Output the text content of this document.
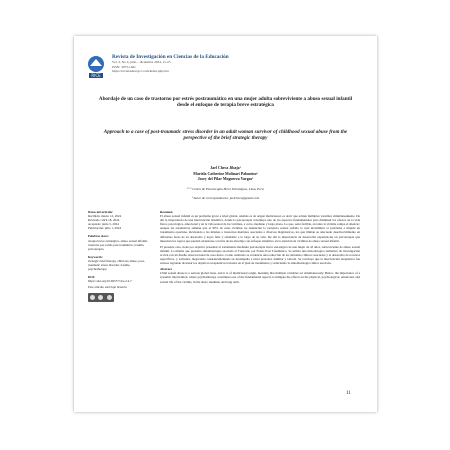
RICE
Revista de Investigación en Ciencias de la Educación
Vol. 2, No 4, julio – diciembre 2024, 11-25
ISSN: 3073-1461
https://revistashorayct.com/index.php/rice
Abordaje de un caso de trastorno por estrés postraumático en una mujer adulta sobreviviente a abuso sexual infantil desde el enfoque de terapia breve estratégica
Approach to a case of post-traumatic stress disorder in an adult woman survivor of childhood sexual abuse from the perspective of the brief strategic therapy
Jael Checa Jibaja¹
Mariela Catherine Molinari Palomino²
Josey del Pilar Moguerza Vargas³
¹ ² ³ Centro de Psicoterapia Breve Estratégica, Lima, Perú.
¹ Autor de correspondencia: jaelcheca@gmail.com
Datos del artículo:
Recibido: marzo 12, 2024
Revisado: abril 18, 2024
Aceptado: junio 5, 2024
Publicación: julio 1, 2024
Palabras clave:
terapia breve estratégica, abuso sexual infantil, trastorno por estrés post traumático, trauma, psicoterapia.
Keywords:
strategic brief therapy, child sex abuse, post-traumatic stress disorder, trauma, psychotherapy.
DOI:
https://doi.org/10.69577/rice.2.4.7
Este artículo está bajo licencia
Resumen

El abuso sexual infantil es un problema grave a nivel global, además es de origen multicausal, es decir que actúan múltiples variables simultáneamente. De allí la importancia de una intervención sistémica, donde la psicoterapia constituye uno de los aspectos fundamentales para disminuir los efectos en la vida física, psicológica, emocional y en la vida sexual de las víctimas, a corto, mediano y largo plazo. Lo que, sería factible, en tanto la víctima rompa el silencio; aunque las estadísticas señalan que el 90% de estas víctimas no denuncian la violencia sexual sufrida lo cual invisibiliza el problema e impide un tratamiento oportuno. Revisando a las mismas a trastornos mentales asociados a diversos diagnósticos, los que limitan su adecuado desenvolvimiento en diferentes áreas de su desarrollo y logro feliz y saludable a lo largo de su vida. De allí la importancia de desarrollar experiencias en psicoterapia que muestren los logros que pueden alcanzarse a través de un abordaje con enfoque sistémico en la atención de víctimas de abuso sexual infantil.

El presente caso, tiene por objetivo presentar el tratamiento mediante psicoterapia breve estratégica de una mujer de 43 años, sobreviviente de abuso sexual infantil. La misma que presenta sintomatología asociada al Trastorno por Estrés Post Traumático. Se utilizó una metodología cualitativa de investigación acción con un diseño observacional de caso único. Como resultado se evidencia una reducción de los síntomas clínicos asociados y el desarrollo de recursos específicos, y actitudes, mejorando considerablemente su desempeño a nivel personal, familiar y laboral. Se concluye que la intervención terapéutica fue exitosa logrando alcanzar los objetivos terapéuticos trazados en el plan de tratamiento y reduciendo la sintomatología clínica asociada.

Abstract

Child sexual abuse is a serious global issue, and it is of multicausal origin, meaning that multiple variables act simultaneously. Hence, the importance of a systemic intervention, where psychotherapy constitutes one of the fundamental aspects to mitigate the effects on the physical, psychological, emotional, and sexual life of the victims, in the short, medium, and long term.

11
